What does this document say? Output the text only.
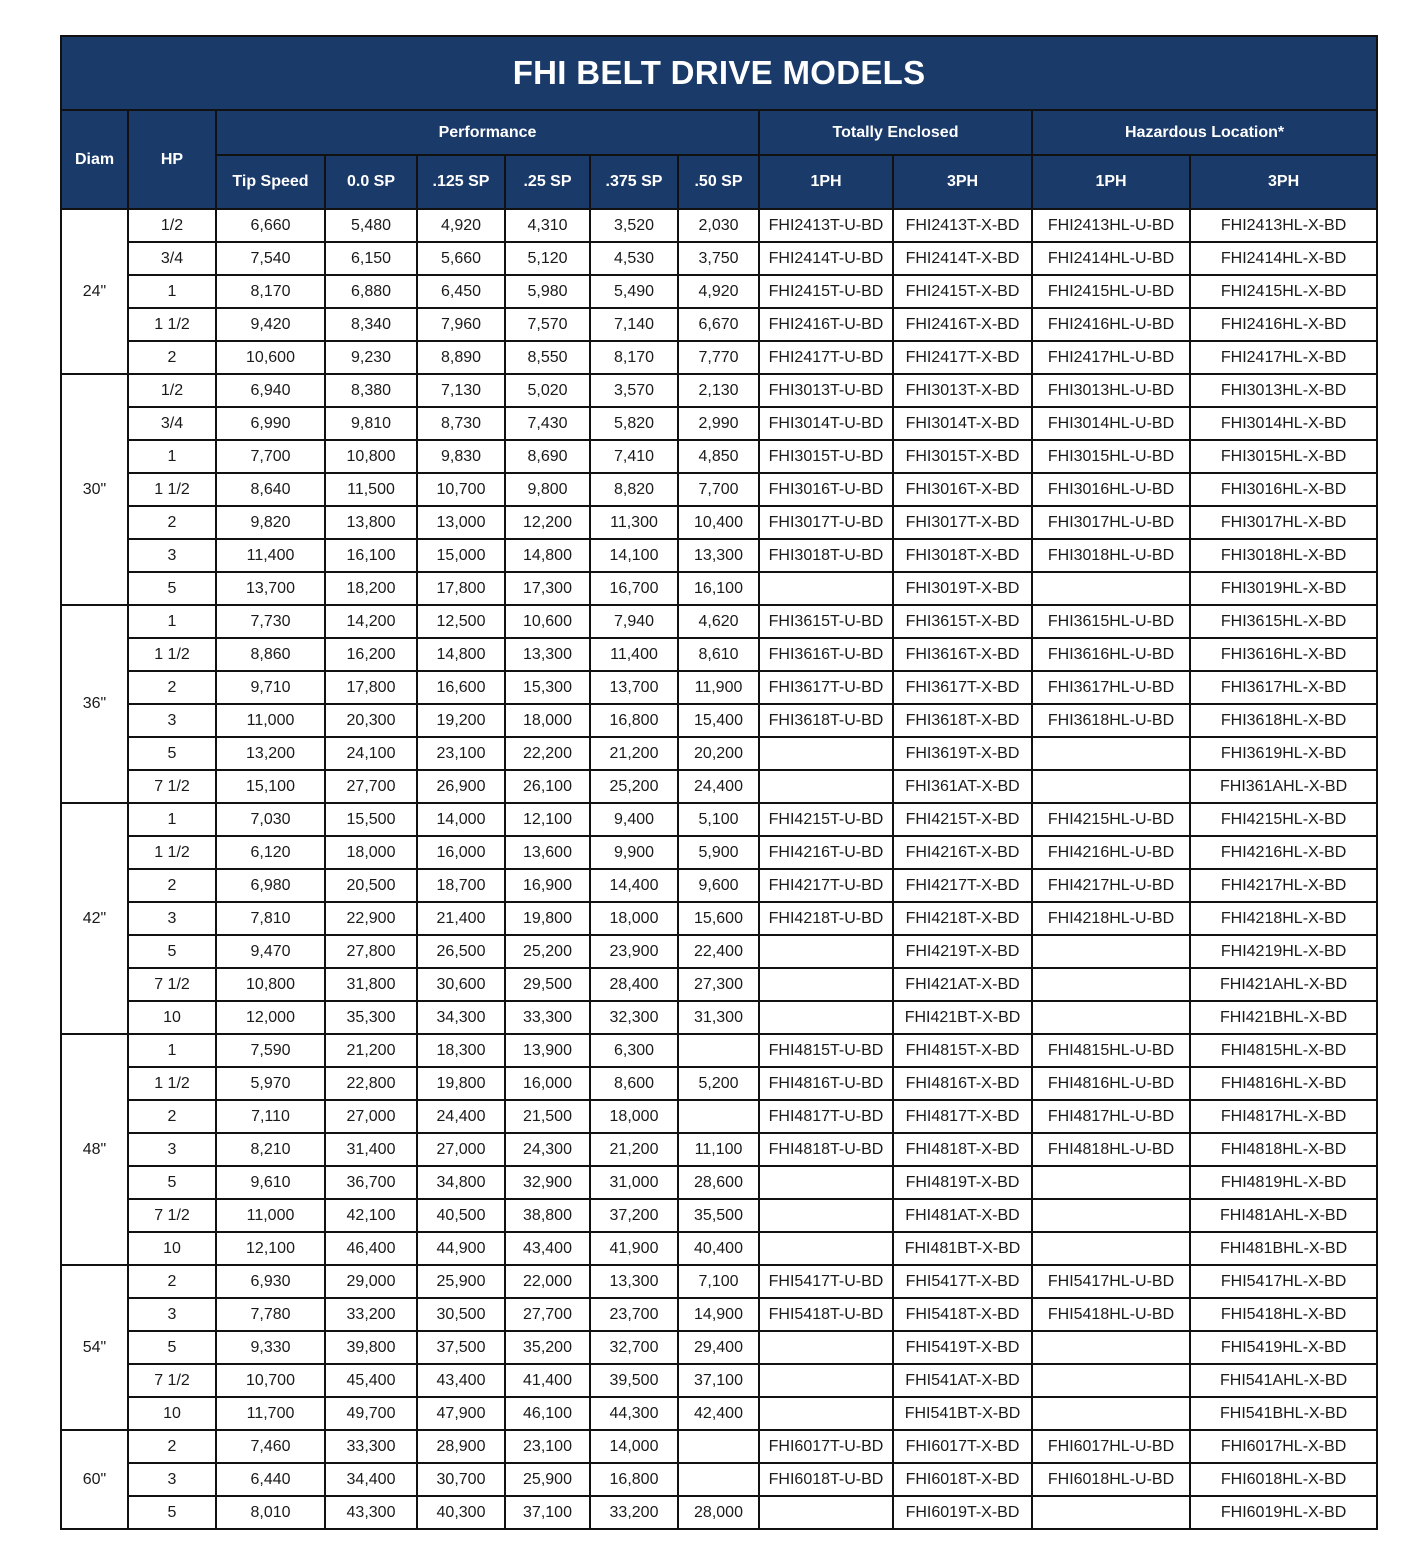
FHI BELT DRIVE MODELS											
Diam	HP	Performance						Totally Enclosed		Hazardous Location*	
		Tip Speed	0.0 SP	.125 SP	.25 SP	.375 SP	.50 SP	1PH	3PH	1PH	3PH
24"	1/2	6,660	5,480	4,920	4,310	3,520	2,030	FHI2413T-U-BD	FHI2413T-X-BD	FHI2413HL-U-BD	FHI2413HL-X-BD
	3/4	7,540	6,150	5,660	5,120	4,530	3,750	FHI2414T-U-BD	FHI2414T-X-BD	FHI2414HL-U-BD	FHI2414HL-X-BD
	1	8,170	6,880	6,450	5,980	5,490	4,920	FHI2415T-U-BD	FHI2415T-X-BD	FHI2415HL-U-BD	FHI2415HL-X-BD
	1 1/2	9,420	8,340	7,960	7,570	7,140	6,670	FHI2416T-U-BD	FHI2416T-X-BD	FHI2416HL-U-BD	FHI2416HL-X-BD
	2	10,600	9,230	8,890	8,550	8,170	7,770	FHI2417T-U-BD	FHI2417T-X-BD	FHI2417HL-U-BD	FHI2417HL-X-BD
30"	1/2	6,940	8,380	7,130	5,020	3,570	2,130	FHI3013T-U-BD	FHI3013T-X-BD	FHI3013HL-U-BD	FHI3013HL-X-BD
	3/4	6,990	9,810	8,730	7,430	5,820	2,990	FHI3014T-U-BD	FHI3014T-X-BD	FHI3014HL-U-BD	FHI3014HL-X-BD
	1	7,700	10,800	9,830	8,690	7,410	4,850	FHI3015T-U-BD	FHI3015T-X-BD	FHI3015HL-U-BD	FHI3015HL-X-BD
	1 1/2	8,640	11,500	10,700	9,800	8,820	7,700	FHI3016T-U-BD	FHI3016T-X-BD	FHI3016HL-U-BD	FHI3016HL-X-BD
	2	9,820	13,800	13,000	12,200	11,300	10,400	FHI3017T-U-BD	FHI3017T-X-BD	FHI3017HL-U-BD	FHI3017HL-X-BD
	3	11,400	16,100	15,000	14,800	14,100	13,300	FHI3018T-U-BD	FHI3018T-X-BD	FHI3018HL-U-BD	FHI3018HL-X-BD
	5	13,700	18,200	17,800	17,300	16,700	16,100		FHI3019T-X-BD		FHI3019HL-X-BD
36"	1	7,730	14,200	12,500	10,600	7,940	4,620	FHI3615T-U-BD	FHI3615T-X-BD	FHI3615HL-U-BD	FHI3615HL-X-BD
	1 1/2	8,860	16,200	14,800	13,300	11,400	8,610	FHI3616T-U-BD	FHI3616T-X-BD	FHI3616HL-U-BD	FHI3616HL-X-BD
	2	9,710	17,800	16,600	15,300	13,700	11,900	FHI3617T-U-BD	FHI3617T-X-BD	FHI3617HL-U-BD	FHI3617HL-X-BD
	3	11,000	20,300	19,200	18,000	16,800	15,400	FHI3618T-U-BD	FHI3618T-X-BD	FHI3618HL-U-BD	FHI3618HL-X-BD
	5	13,200	24,100	23,100	22,200	21,200	20,200		FHI3619T-X-BD		FHI3619HL-X-BD
	7 1/2	15,100	27,700	26,900	26,100	25,200	24,400		FHI361AT-X-BD		FHI361AHL-X-BD
42"	1	7,030	15,500	14,000	12,100	9,400	5,100	FHI4215T-U-BD	FHI4215T-X-BD	FHI4215HL-U-BD	FHI4215HL-X-BD
	1 1/2	6,120	18,000	16,000	13,600	9,900	5,900	FHI4216T-U-BD	FHI4216T-X-BD	FHI4216HL-U-BD	FHI4216HL-X-BD
	2	6,980	20,500	18,700	16,900	14,400	9,600	FHI4217T-U-BD	FHI4217T-X-BD	FHI4217HL-U-BD	FHI4217HL-X-BD
	3	7,810	22,900	21,400	19,800	18,000	15,600	FHI4218T-U-BD	FHI4218T-X-BD	FHI4218HL-U-BD	FHI4218HL-X-BD
	5	9,470	27,800	26,500	25,200	23,900	22,400		FHI4219T-X-BD		FHI4219HL-X-BD
	7 1/2	10,800	31,800	30,600	29,500	28,400	27,300		FHI421AT-X-BD		FHI421AHL-X-BD
	10	12,000	35,300	34,300	33,300	32,300	31,300		FHI421BT-X-BD		FHI421BHL-X-BD
48"	1	7,590	21,200	18,300	13,900	6,300		FHI4815T-U-BD	FHI4815T-X-BD	FHI4815HL-U-BD	FHI4815HL-X-BD
	1 1/2	5,970	22,800	19,800	16,000	8,600	5,200	FHI4816T-U-BD	FHI4816T-X-BD	FHI4816HL-U-BD	FHI4816HL-X-BD
	2	7,110	27,000	24,400	21,500	18,000		FHI4817T-U-BD	FHI4817T-X-BD	FHI4817HL-U-BD	FHI4817HL-X-BD
	3	8,210	31,400	27,000	24,300	21,200	11,100	FHI4818T-U-BD	FHI4818T-X-BD	FHI4818HL-U-BD	FHI4818HL-X-BD
	5	9,610	36,700	34,800	32,900	31,000	28,600		FHI4819T-X-BD		FHI4819HL-X-BD
	7 1/2	11,000	42,100	40,500	38,800	37,200	35,500		FHI481AT-X-BD		FHI481AHL-X-BD
	10	12,100	46,400	44,900	43,400	41,900	40,400		FHI481BT-X-BD		FHI481BHL-X-BD
54"	2	6,930	29,000	25,900	22,000	13,300	7,100	FHI5417T-U-BD	FHI5417T-X-BD	FHI5417HL-U-BD	FHI5417HL-X-BD
	3	7,780	33,200	30,500	27,700	23,700	14,900	FHI5418T-U-BD	FHI5418T-X-BD	FHI5418HL-U-BD	FHI5418HL-X-BD
	5	9,330	39,800	37,500	35,200	32,700	29,400		FHI5419T-X-BD		FHI5419HL-X-BD
	7 1/2	10,700	45,400	43,400	41,400	39,500	37,100		FHI541AT-X-BD		FHI541AHL-X-BD
	10	11,700	49,700	47,900	46,100	44,300	42,400		FHI541BT-X-BD		FHI541BHL-X-BD
60"	2	7,460	33,300	28,900	23,100	14,000		FHI6017T-U-BD	FHI6017T-X-BD	FHI6017HL-U-BD	FHI6017HL-X-BD
	3	6,440	34,400	30,700	25,900	16,800		FHI6018T-U-BD	FHI6018T-X-BD	FHI6018HL-U-BD	FHI6018HL-X-BD
	5	8,010	43,300	40,300	37,100	33,200	28,000		FHI6019T-X-BD		FHI6019HL-X-BD
